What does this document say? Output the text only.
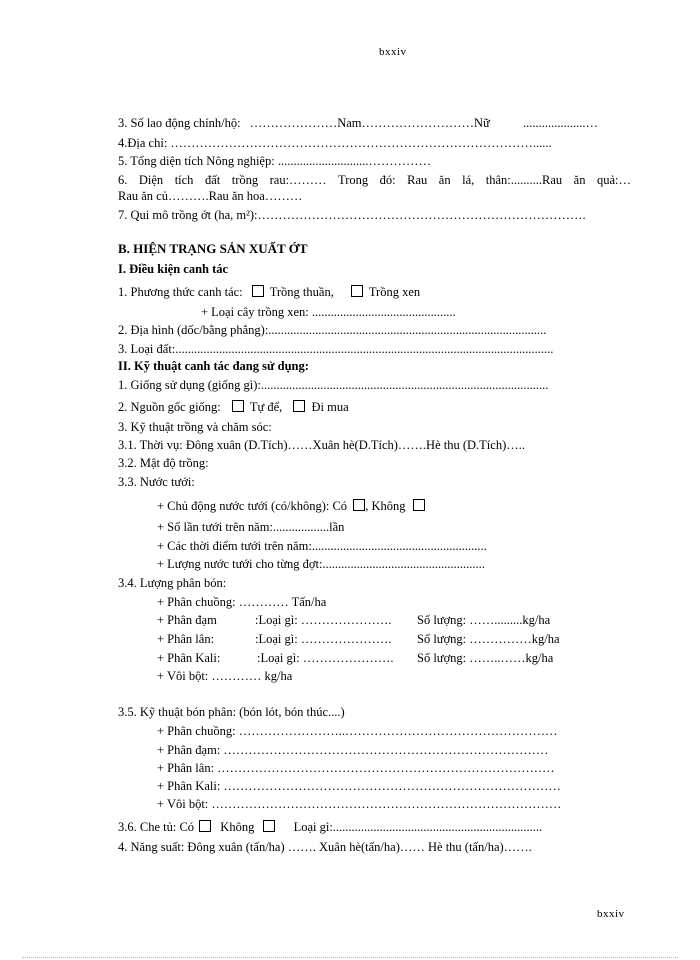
bxxiv
3. Số lao động chính/hộ: …………………Nam………………………Nữ	....................…
4.Địa chỉ: ……………………………………………………………………………......
5. Tổng diện tích Nông nghiệp: .............................……………
6. Diện tích đất trồng rau:……… Trong đó: Rau ăn lá, thân:..........Rau ăn quả:…
Rau ăn củ……….Rau ăn hoa………
7. Qui mô trồng ớt (ha, m²):…………………………………………………………………….
B. HIỆN TRẠNG SẢN XUẤT ỚT
I. Điều kiện canh tác
1. Phương thức canh tác: Trồng thuần,	Trồng xen
+ Loại cây trồng xen: ..............................................
2. Địa hình (dốc/bằng phẳng):.........................................................................................
3. Loại đất:.........................................................................................................................
II. Kỹ thuật canh tác đang sử dụng:
1. Giống sử dụng (giống gì):............................................................................................
2. Nguồn gốc giống: Tự để, Đi mua
3. Kỹ thuật trồng và chăm sóc:
3.1. Thời vụ: Đông xuân (D.Tích)……Xuân hè(D.Tích)…….Hè thu (D.Tích)…..
3.2. Mật độ trồng:
3.3. Nước tưới:
+ Chủ động nước tưới (có/không): Có , Không
+ Số lần tưới trên năm:..................lần
+ Các thời điểm tưới trên năm:........................................................
+ Lượng nước tưới cho từng đợt:....................................................
3.4. Lượng phân bón:
+ Phân chuồng: ………… Tấn/ha
+ Phân đạm	:Loại gì: …………………. Số lượng: …….........kg/ha
+ Phân lân:	:Loại gì: …………………. Số lượng: ……………kg/ha
+ Phân Kali:	:Loại gì: …………………. Số lượng: ……..……kg/ha
+ Vôi bột: ………… kg/ha
3.5. Kỹ thuật bón phân: (bón lót, bón thúc....)
+ Phân chuồng: ……………………..……………………………………………
+ Phân đạm: ……………………………………………………………………
+ Phân lân: ………………………………………………………………………
+ Phân Kali: ………………………………………………………………………
+ Vôi bột: …………………………………………………………………………
3.6. Che tủ: Có Không	Loại gì:...................................................................
4. Năng suất: Đông xuân (tấn/ha) ……. Xuân hè(tấn/ha)…… Hè thu (tấn/ha)…….
bxxiv
